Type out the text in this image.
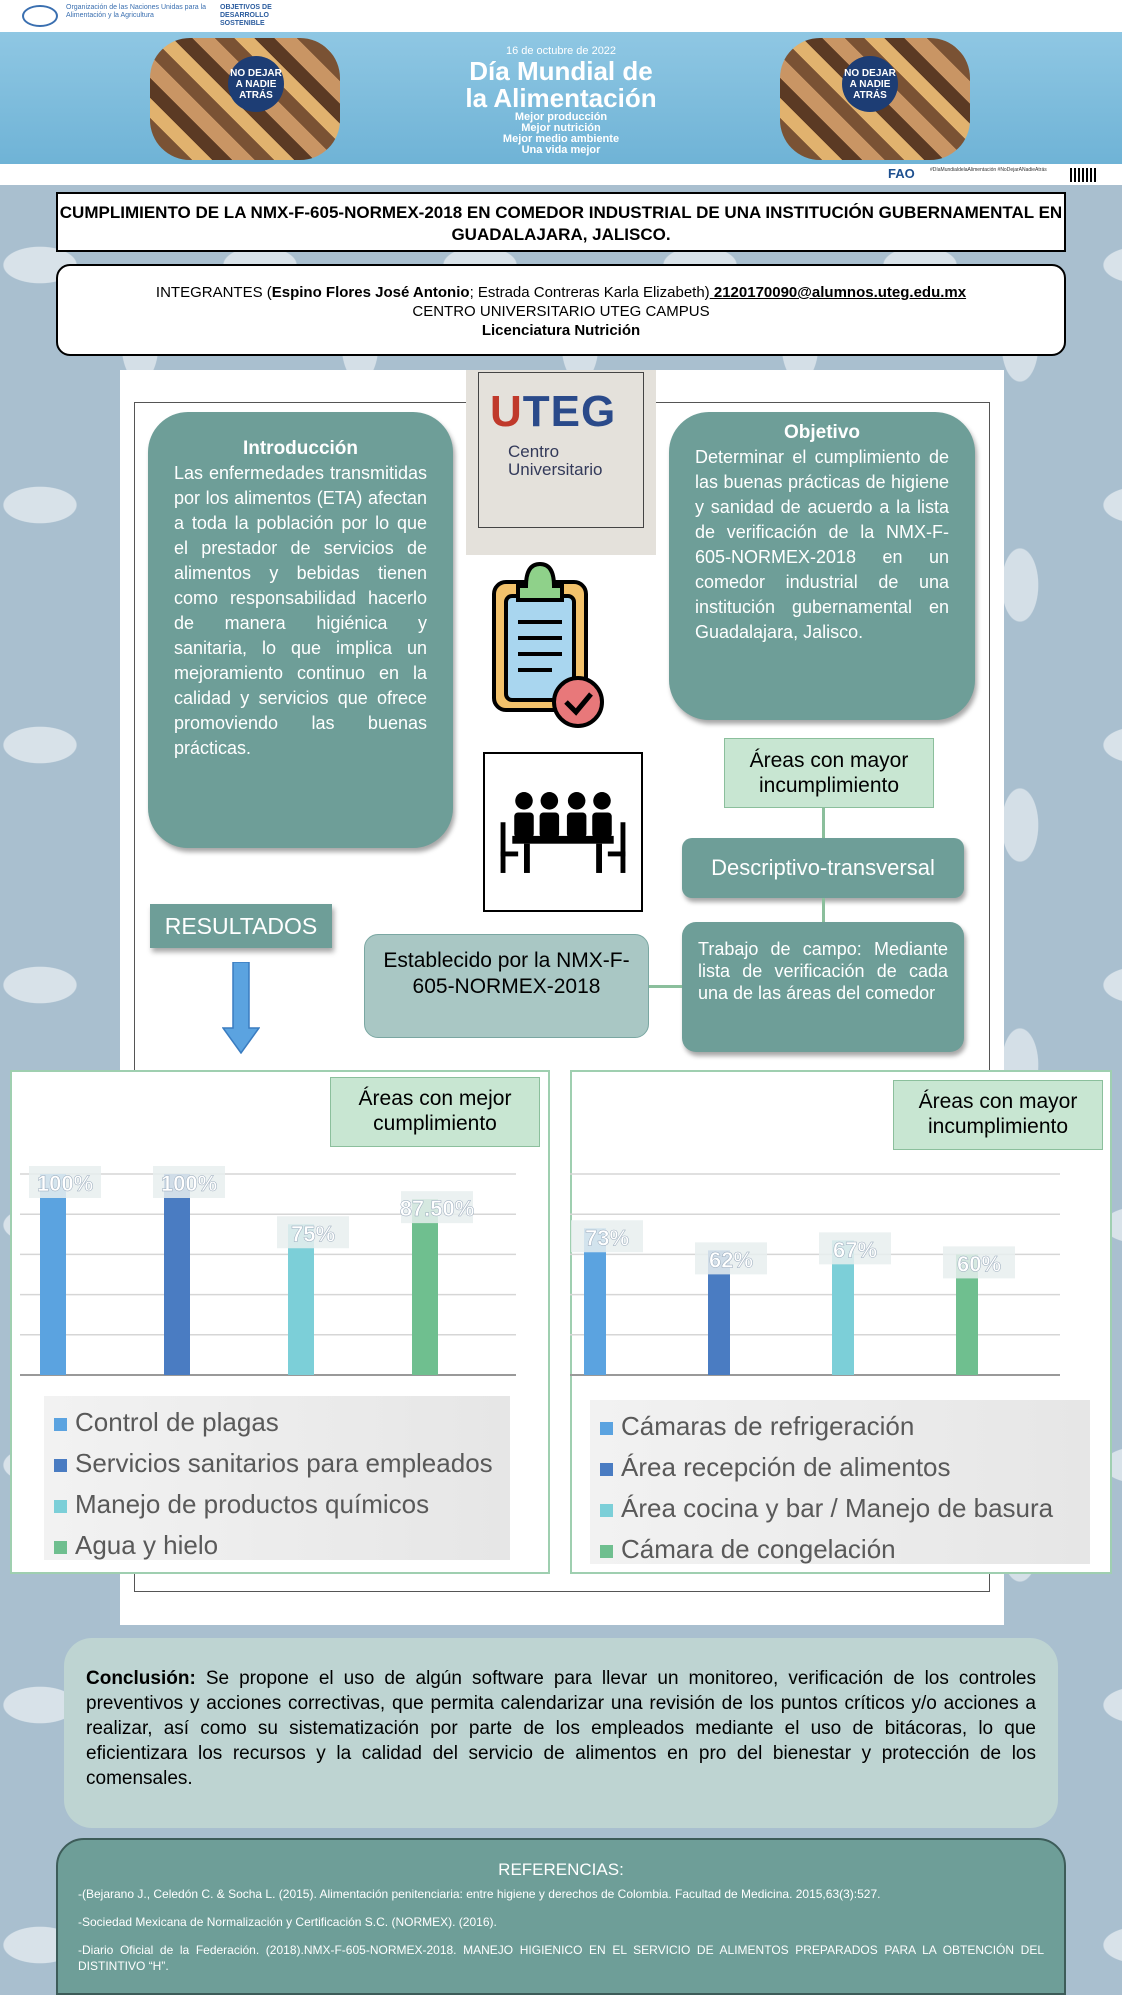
Organización de las Naciones Unidas para la Alimentación y la Agricultura
OBJETIVOS DE DESARROLLO SOSTENIBLE
NO DEJAR A NADIE ATRÁS
NO DEJAR A NADIE ATRÁS
16 de octubre de 2022
Día Mundial de
la Alimentación
Mejor producción
Mejor nutrición
Mejor medio ambiente
Una vida mejor
FAO	#DíaMundialdelaAlimentación #NoDejarANadieAtrás
CUMPLIMIENTO DE LA NMX-F-605-NORMEX-2018 EN COMEDOR INDUSTRIAL DE UNA INSTITUCIÓN GUBERNAMENTAL EN GUADALAJARA, JALISCO.
INTEGRANTES (Espino Flores José Antonio; Estrada Contreras Karla Elizabeth) 2120170090@alumnos.uteg.edu.mx
CENTRO UNIVERSITARIO UTEG CAMPUS
Licenciatura Nutrición
UTEG
Centro
Universitario
Introducción
Las enfermedades transmitidas por los alimentos (ETA) afectan a toda la población por lo que el prestador de servicios de alimentos y bebidas tienen como responsabilidad hacerlo de manera higiénica y sanitaria, lo que implica un mejoramiento continuo en la calidad y servicios que ofrece promoviendo las buenas prácticas.
Objetivo
Determinar el cumplimiento de las buenas prácticas de higiene y sanidad de acuerdo a la lista de verificación de la NMX-F-605-NORMEX-2018 en un comedor industrial de una institución gubernamental en Guadalajara, Jalisco.
Áreas con mayor incumplimiento
Descriptivo-transversal
Trabajo de campo: Mediante lista de verificación de cada una de las áreas del comedor
Establecido por la NMX-F-605-NORMEX-2018
RESULTADOS
100%	100%
75%
87.50%
Áreas con mejor cumplimiento
Control de plagas
Servicios sanitarios para empleados
Manejo de productos químicos
Agua y hielo
73%
62%	67%
60%
Áreas con mayor incumplimiento
Cámaras de refrigeración
Área recepción de alimentos
Área cocina y bar / Manejo de basura
Cámara de congelación
Conclusión: Se propone el uso de algún software para llevar un monitoreo, verificación de los controles preventivos y acciones correctivas, que permita calendarizar una revisión de los puntos críticos y/o acciones a realizar, así como su sistematización por parte de los empleados mediante el uso de bitácoras, lo que eficientizara los recursos y la calidad del servicio de alimentos en pro del bienestar y protección de los comensales.
REFERENCIAS:

-(Bejarano J., Celedón C. & Socha L. (2015). Alimentación penitenciaria: entre higiene y derechos de Colombia. Facultad de Medicina. 2015,63(3):527.

-Sociedad Mexicana de Normalización y Certificación S.C. (NORMEX). (2016).

-Diario Oficial de la Federación. (2018).NMX-F-605-NORMEX-2018. MANEJO HIGIENICO EN EL SERVICIO DE ALIMENTOS PREPARADOS PARA LA OBTENCIÓN DEL DISTINTIVO “H”.
